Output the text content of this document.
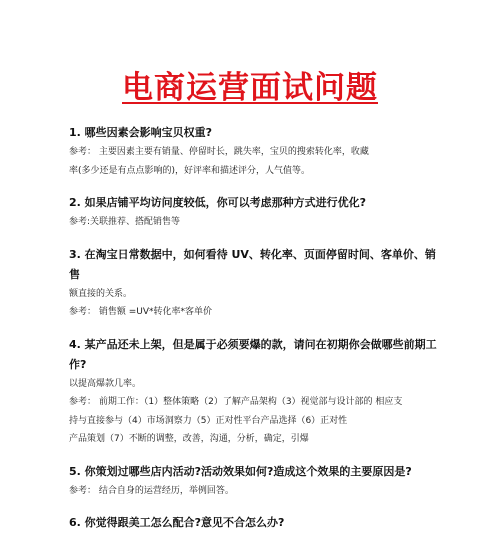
电商运营面试问题

1. 哪些因素会影响宝贝权重?

参考： 主要因素主要有销量、停留时长，跳失率，宝贝的搜索转化率，收藏

率(多少还是有点点影响的)，好评率和描述评分，人气值等。

2. 如果店铺平均访问度较低，你可以考虑那种方式进行优化?

参考:关联推荐、搭配销售等

3. 在淘宝日常数据中，如何看待 UV、转化率、页面停留时间、客单价、销

售

额直接的关系。

参考： 销售额 =UV*转化率*客单价

4. 某产品还未上架，但是属于必须要爆的款，请问在初期你会做哪些前期工

作?

以提高爆款几率。

参考： 前期工作：（1）整体策略（2）了解产品架构（3）视觉部与设计部的 相应支

持与直接参与（4）市场洞察力（5）正对性平台产品选择（6）正对性

产品策划（7）不断的调整，改善，沟通，分析，确定，引爆

5. 你策划过哪些店内活动?活动效果如何?造成这个效果的主要原因是?

参考： 结合自身的运营经历，举例回答。

6. 你觉得跟美工怎么配合?意见不合怎么办?
